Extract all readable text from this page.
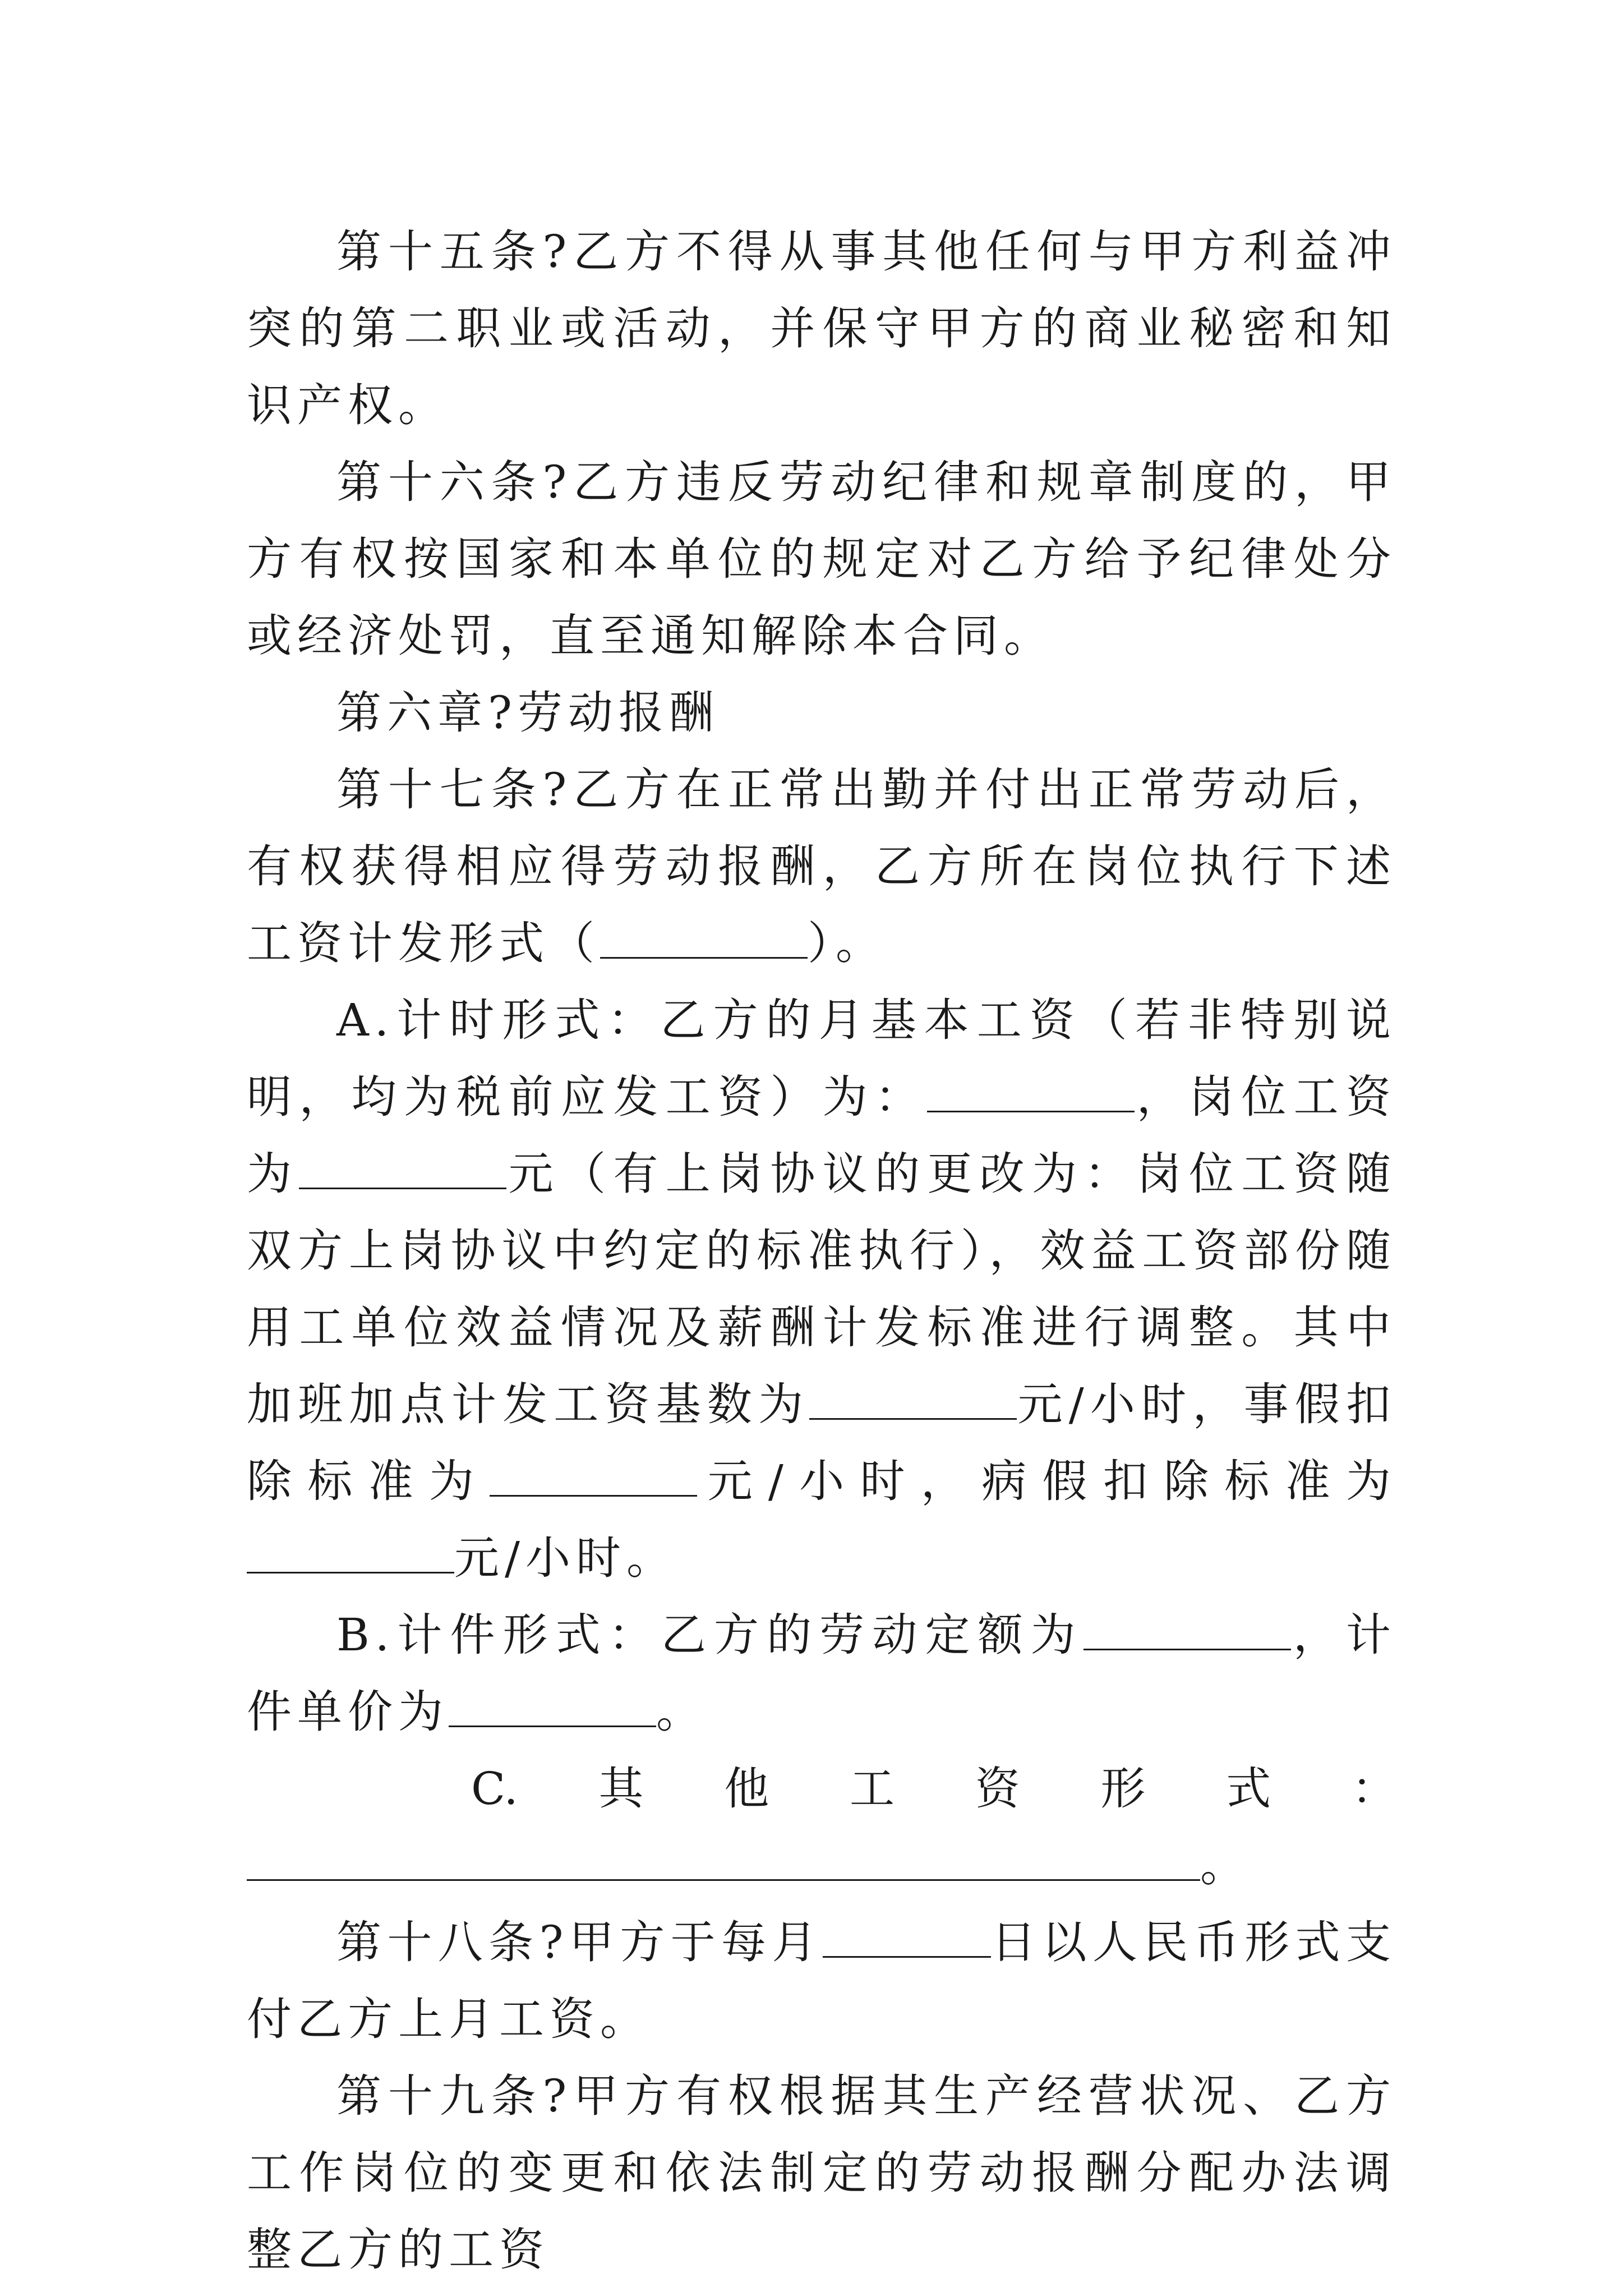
第十五条?乙方不得从事其他任何与甲方利益冲突的第二职业或活动，并保守甲方的商业秘密和知识产权。

第十六条?乙方违反劳动纪律和规章制度的，甲方有权按国家和本单位的规定对乙方给予纪律处分或经济处罚，直至通知解除本合同。

第六章?劳动报酬

第十七条?乙方在正常出勤并付出正常劳动后，有权获得相应得劳动报酬，乙方所在岗位执行下述工资计发形式（	）。

A.计时形式：乙方的月基本工资（若非特别说明，均为税前应发工资）为：	，岗位工资为	元（有上岗协议的更改为：岗位工资随双方上岗协议中约定的标准执行），效益工资部份随用工单位效益情况及薪酬计发标准进行调整。其中加班加点计发工资基数为	元/小时，事假扣除标准为	元/小时，病假扣除标准为元/小时。

B.计件形式：乙方的劳动定额为	，计件单价为	。

C. 其 他 工 资 形 式 ：

。

第十八条?甲方于每月	日以人民币形式支付乙方上月工资。

第十九条?甲方有权根据其生产经营状况、乙方工作岗位的变更和依法制定的劳动报酬分配办法调整乙方的工资
